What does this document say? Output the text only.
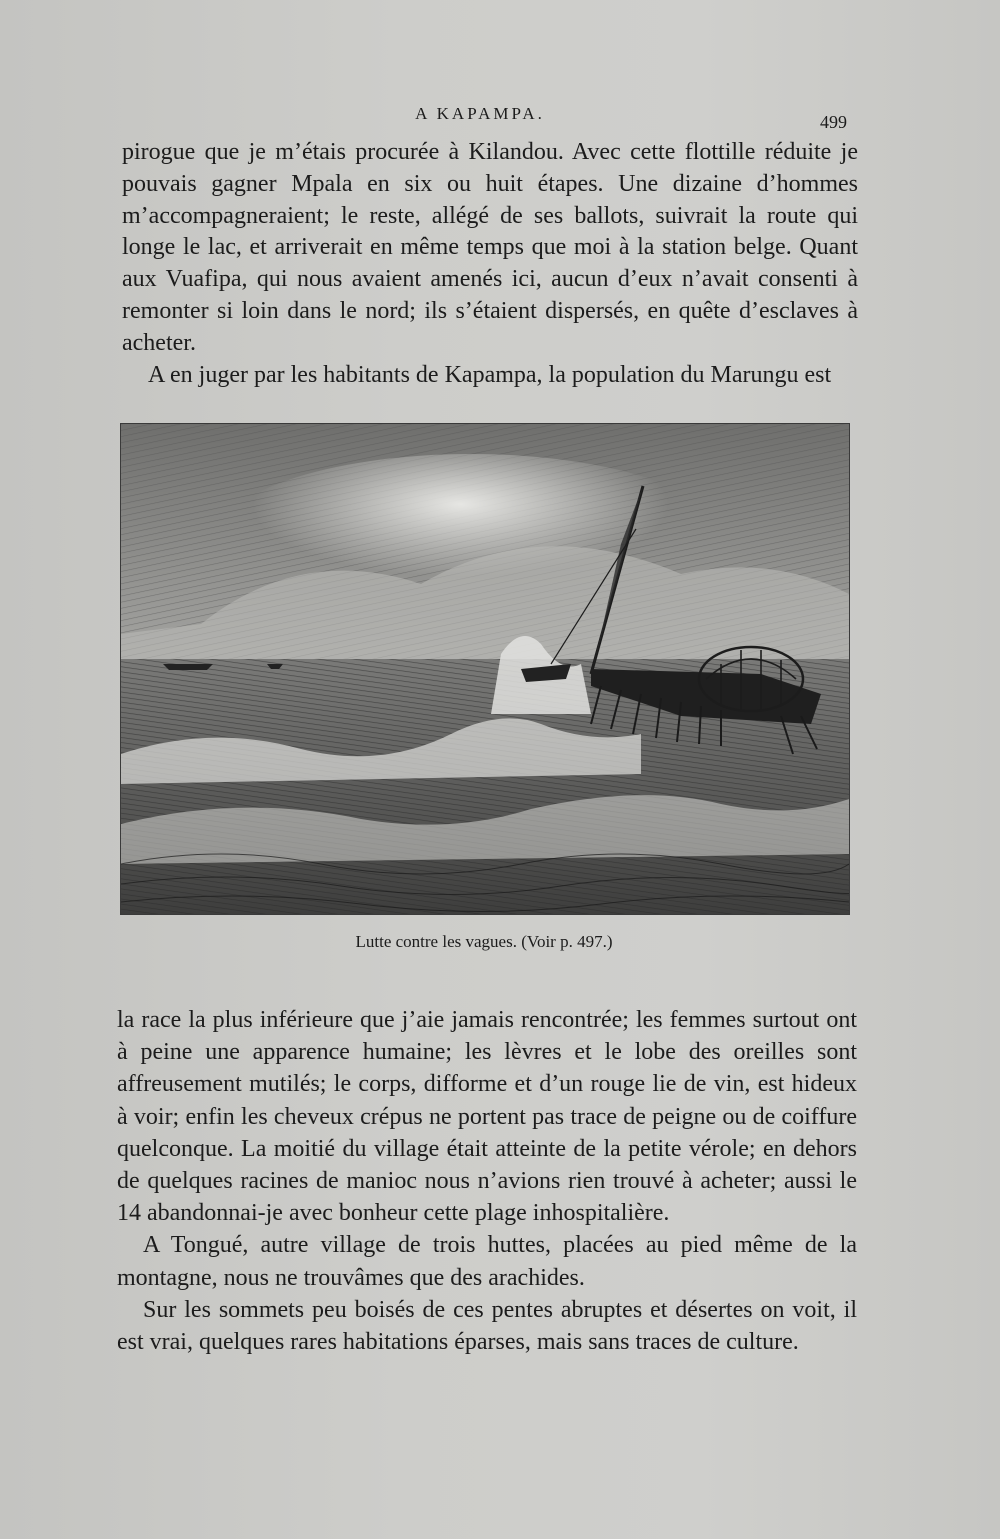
A KAPAMPA.	499

pirogue que je m’étais procurée à Kilandou. Avec cette flottille réduite je pouvais gagner Mpala en six ou huit étapes. Une dizaine d’hommes m’accompagneraient; le reste, allégé de ses ballots, suivrait la route qui longe le lac, et arriverait en même temps que moi à la station belge. Quant aux Vuafipa, qui nous avaient amenés ici, aucun d’eux n’avait consenti à remonter si loin dans le nord; ils s’étaient dispersés, en quête d’esclaves à acheter.

A en juger par les habitants de Kapampa, la population du Marungu est

Lutte contre les vagues. (Voir p. 497.)

la race la plus inférieure que j’aie jamais rencontrée; les femmes surtout ont à peine une apparence humaine; les lèvres et le lobe des oreilles sont affreusement mutilés; le corps, difforme et d’un rouge lie de vin, est hideux à voir; enfin les cheveux crépus ne portent pas trace de peigne ou de coiffure quelconque. La moitié du village était atteinte de la petite vérole; en dehors de quelques racines de manioc nous n’avions rien trouvé à acheter; aussi le 14 abandonnai-je avec bonheur cette plage inhospitalière.

A Tongué, autre village de trois huttes, placées au pied même de la montagne, nous ne trouvâmes que des arachides.

Sur les sommets peu boisés de ces pentes abruptes et désertes on voit, il est vrai, quelques rares habitations éparses, mais sans traces de culture.
